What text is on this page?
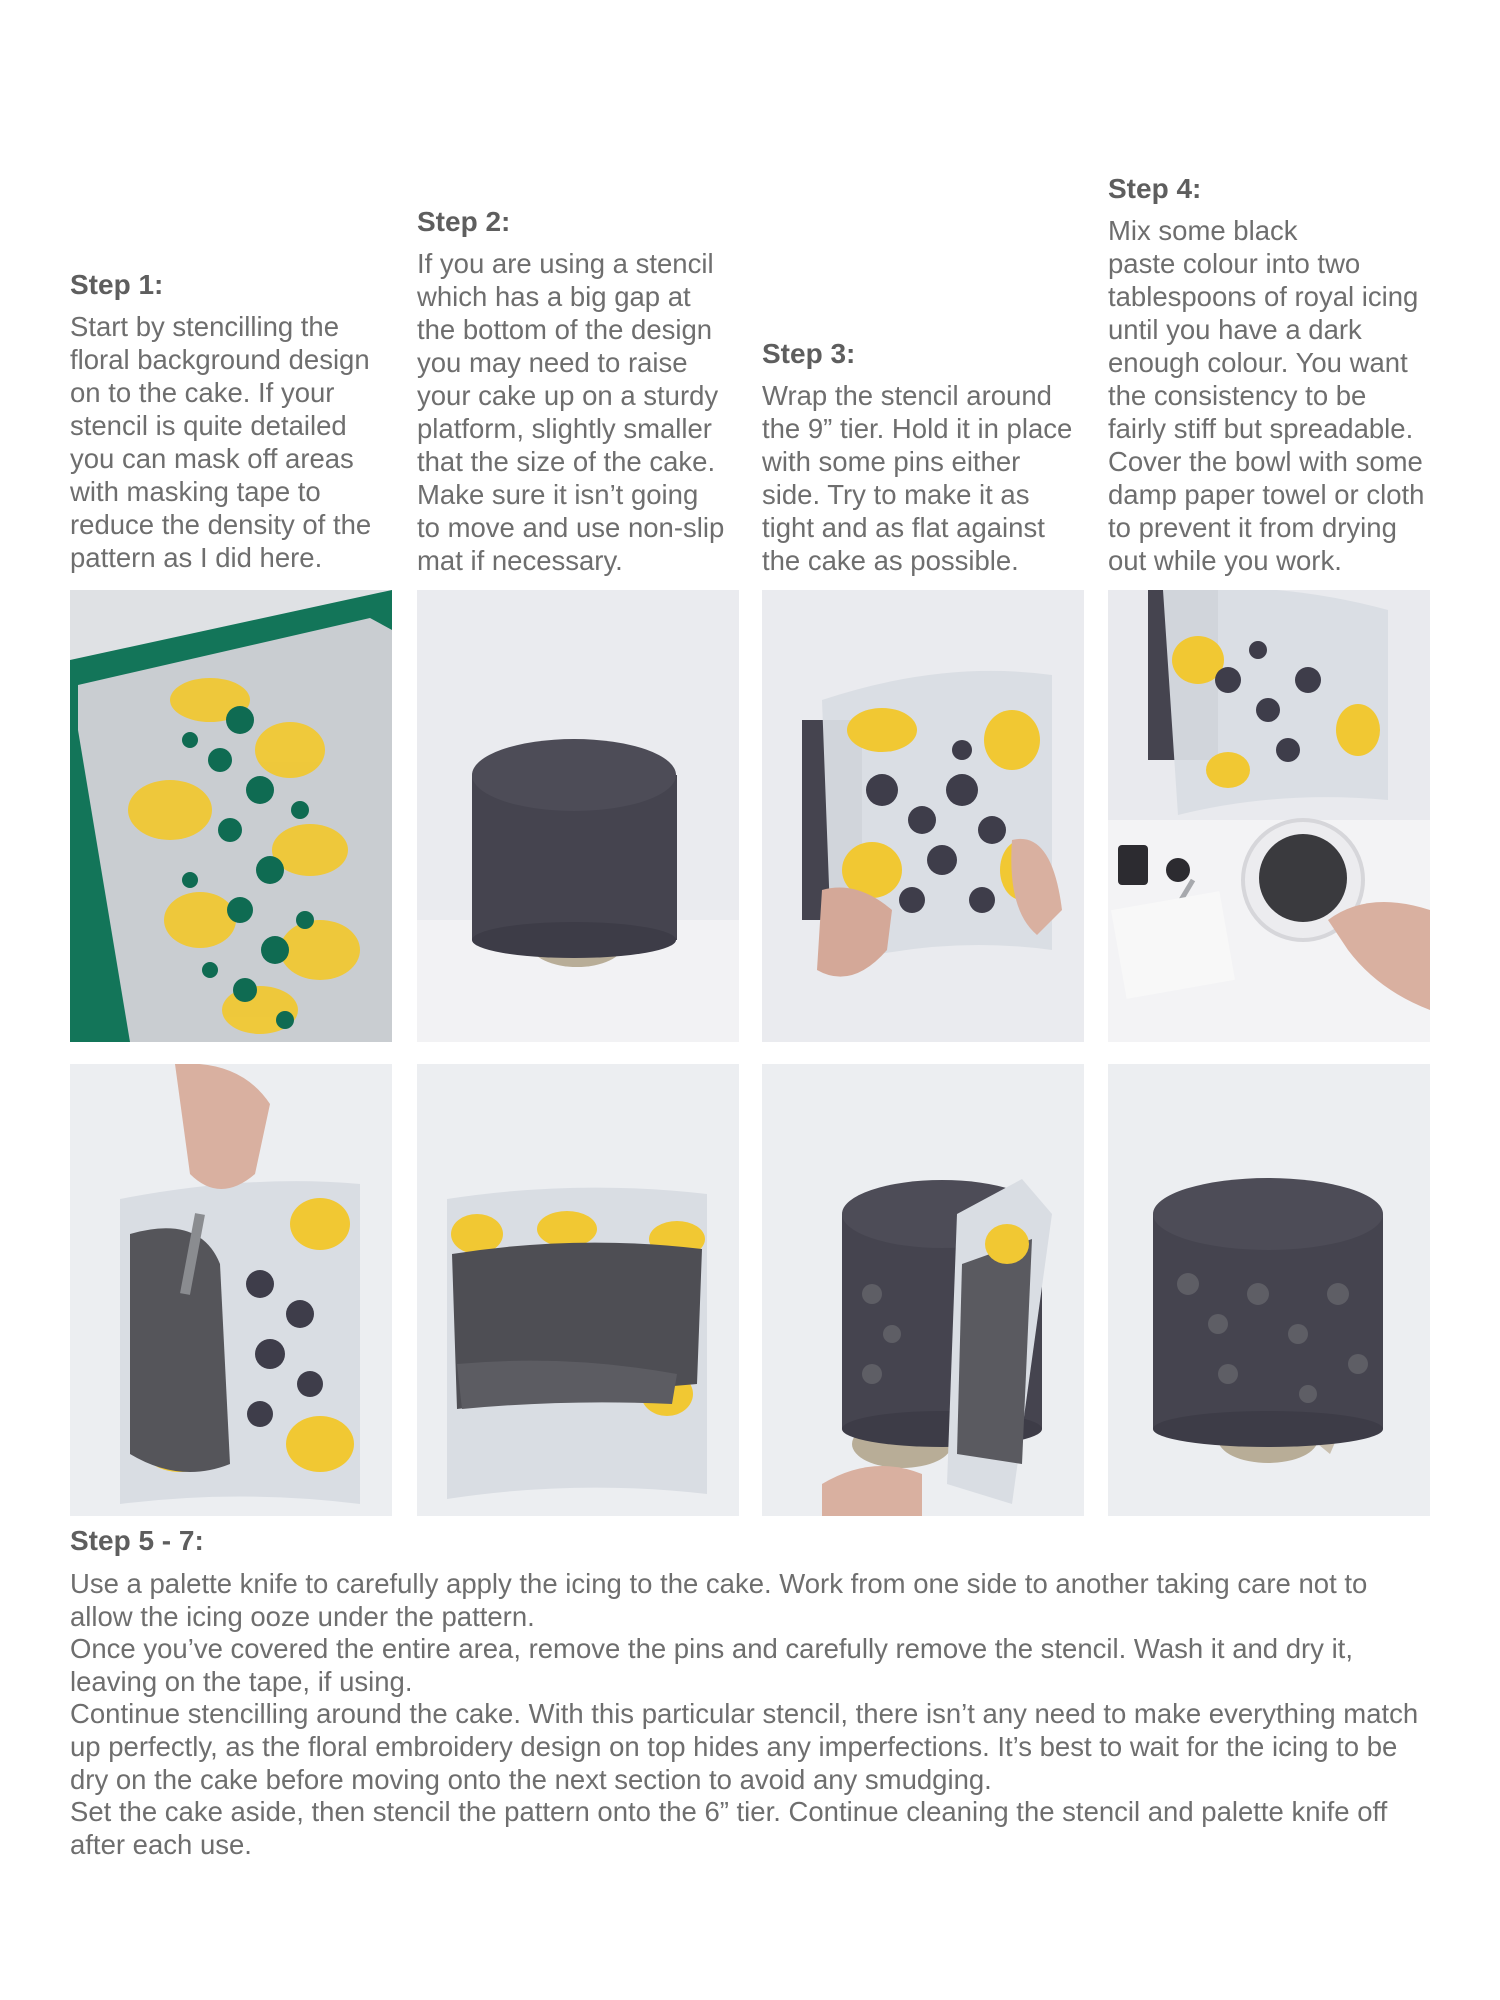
Step 1:
Start by stencilling the
floral background design
on to the cake. If your
stencil is quite detailed
you can mask off areas
with masking tape to
reduce the density of the
pattern as I did here.
Step 2:
If you are using a stencil
which has a big gap at
the bottom of the design
you may need to raise
your cake up on a sturdy
platform, slightly smaller
that the size of the cake.
Make sure it isn’t going
to move and use non-slip
mat if necessary.
Step 3:
Wrap the stencil around
the 9” tier. Hold it in place
with some pins either
side. Try to make it as
tight and as flat against
the cake as possible.
Step 4:
Mix some black
paste colour into two
tablespoons of royal icing
until you have a dark
enough colour. You want
the consistency to be
fairly stiff but spreadable.
Cover the bowl with some
damp paper towel or cloth
to prevent it from drying
out while you work.
Step 5 - 7:
Use a palette knife to carefully apply the icing to the cake. Work from one side to another taking care not to
allow the icing ooze under the pattern.
Once you’ve covered the entire area, remove the pins and carefully remove the stencil. Wash it and dry it,
leaving on the tape, if using.
Continue stencilling around the cake. With this particular stencil, there isn’t any need to make everything match
up perfectly, as the floral embroidery design on top hides any imperfections. It’s best to wait for the icing to be
dry on the cake before moving onto the next section to avoid any smudging.
Set the cake aside, then stencil the pattern onto the 6” tier. Continue cleaning the stencil and palette knife off
after each use.
